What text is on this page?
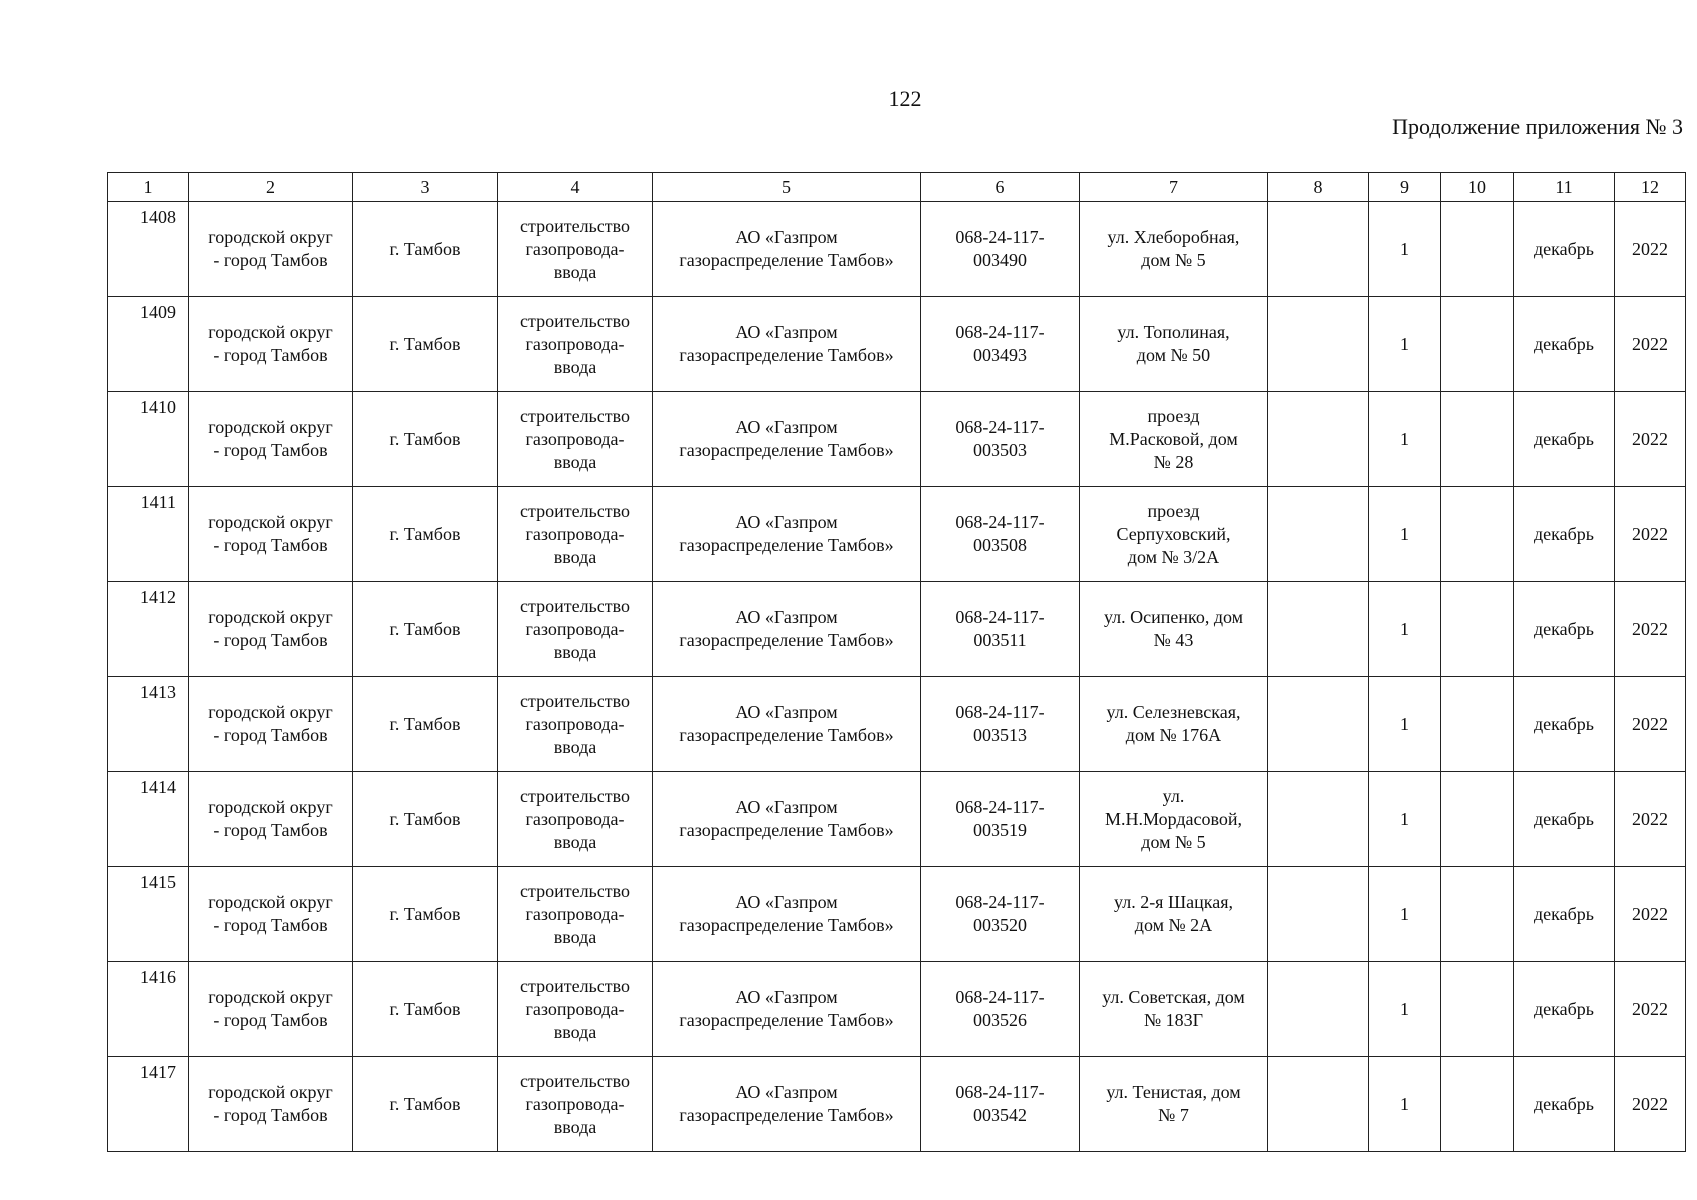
122
Продолжение приложения № 3
1	2	3	4	5	6	7	8	9	10	11	12
1408	городской округ
- город Тамбов	г. Тамбов	строительство
газопровода-
ввода	АО «Газпром
газораспределение Тамбов»	068-24-117-
003490	ул. Хлеборобная,
дом № 5		1		декабрь	2022
1409	городской округ
- город Тамбов	г. Тамбов	строительство
газопровода-
ввода	АО «Газпром
газораспределение Тамбов»	068-24-117-
003493	ул. Тополиная,
дом № 50		1		декабрь	2022
1410	городской округ
- город Тамбов	г. Тамбов	строительство
газопровода-
ввода	АО «Газпром
газораспределение Тамбов»	068-24-117-
003503	проезд
М.Расковой, дом
№ 28		1		декабрь	2022
1411	городской округ
- город Тамбов	г. Тамбов	строительство
газопровода-
ввода	АО «Газпром
газораспределение Тамбов»	068-24-117-
003508	проезд
Серпуховский,
дом № 3/2А		1		декабрь	2022
1412	городской округ
- город Тамбов	г. Тамбов	строительство
газопровода-
ввода	АО «Газпром
газораспределение Тамбов»	068-24-117-
003511	ул. Осипенко, дом
№ 43		1		декабрь	2022
1413	городской округ
- город Тамбов	г. Тамбов	строительство
газопровода-
ввода	АО «Газпром
газораспределение Тамбов»	068-24-117-
003513	ул. Селезневская,
дом № 176А		1		декабрь	2022
1414	городской округ
- город Тамбов	г. Тамбов	строительство
газопровода-
ввода	АО «Газпром
газораспределение Тамбов»	068-24-117-
003519	ул.
М.Н.Мордасовой,
дом № 5		1		декабрь	2022
1415	городской округ
- город Тамбов	г. Тамбов	строительство
газопровода-
ввода	АО «Газпром
газораспределение Тамбов»	068-24-117-
003520	ул. 2-я Шацкая,
дом № 2А		1		декабрь	2022
1416	городской округ
- город Тамбов	г. Тамбов	строительство
газопровода-
ввода	АО «Газпром
газораспределение Тамбов»	068-24-117-
003526	ул. Советская, дом
№ 183Г		1		декабрь	2022
1417	городской округ
- город Тамбов	г. Тамбов	строительство
газопровода-
ввода	АО «Газпром
газораспределение Тамбов»	068-24-117-
003542	ул. Тенистая, дом
№ 7		1		декабрь	2022
